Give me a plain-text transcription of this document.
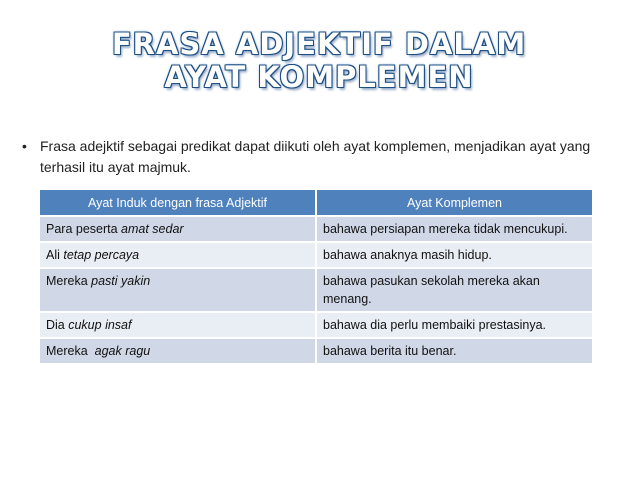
FRASA ADJEKTIF DALAM
AYAT KOMPLEMEN
• Frasa adejktif sebagai predikat dapat diikuti oleh ayat komplemen, menjadikan ayat yang terhasil itu ayat majmuk.
Ayat Induk dengan frasa Adjektif	Ayat Komplemen
Para peserta amat sedar	bahawa persiapan mereka tidak mencukupi.
Ali tetap percaya	bahawa anaknya masih hidup.
Mereka pasti yakin	bahawa pasukan sekolah mereka akan menang.
Dia cukup insaf	bahawa dia perlu membaiki prestasinya.
Mereka  agak ragu	bahawa berita itu benar.
